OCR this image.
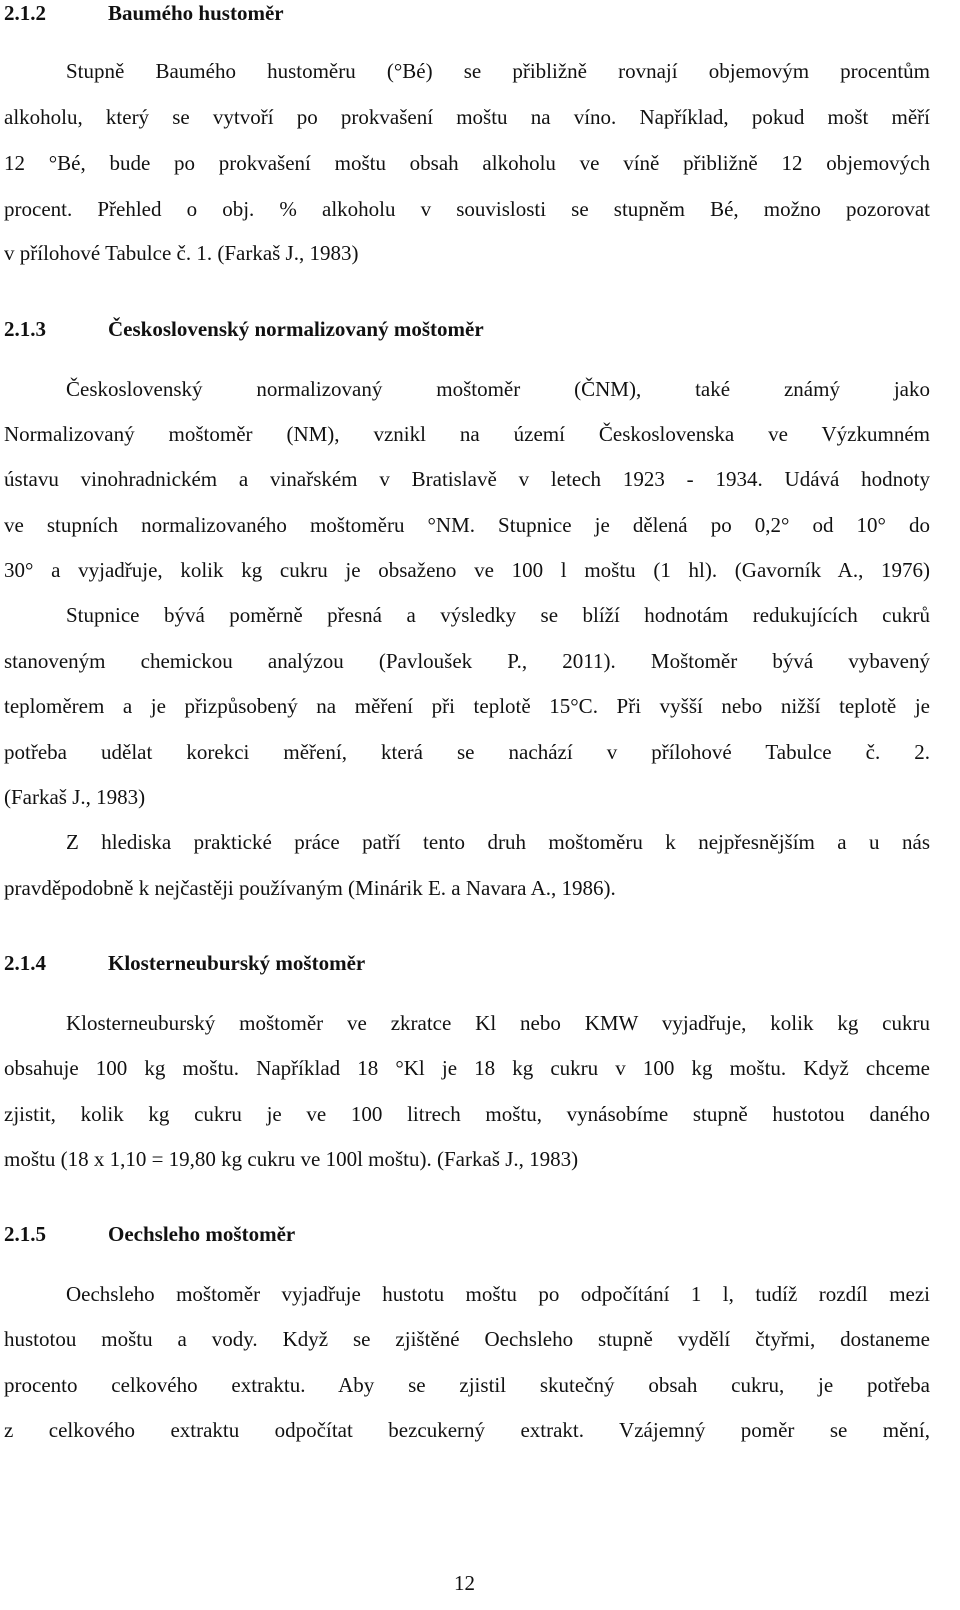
2.1.2	Baumého hustoměr
Stupně Baumého hustoměru (°Bé) se přibližně rovnají objemovým procentům
alkoholu, který se vytvoří po prokvašení moštu na víno. Například, pokud mošt měří
12 °Bé, bude po prokvašení moštu obsah alkoholu ve víně přibližně 12 objemových
procent. Přehled o obj. % alkoholu v souvislosti se stupněm Bé, možno pozorovat
v přílohové Tabulce č. 1. (Farkaš J., 1983)
2.1.3	Československý normalizovaný moštoměr
Československý normalizovaný moštoměr (ČNM), také známý jako
Normalizovaný moštoměr (NM), vznikl na území Československa ve Výzkumném
ústavu vinohradnickém a vinařském v Bratislavě v letech 1923 - 1934. Udává hodnoty
ve stupních normalizovaného moštoměru °NM. Stupnice je dělená po 0,2° od 10° do
30° a vyjadřuje, kolik kg cukru je obsaženo ve 100 l moštu (1 hl). (Gavorník A., 1976)
Stupnice bývá poměrně přesná a výsledky se blíží hodnotám redukujících cukrů
stanoveným chemickou analýzou (Pavloušek P., 2011). Moštoměr bývá vybavený
teploměrem a je přizpůsobený na měření při teplotě 15°C. Při vyšší nebo nižší teplotě je
potřeba udělat korekci měření, která se nachází v přílohové Tabulce č. 2.
(Farkaš J., 1983)
Z hlediska praktické práce patří tento druh moštoměru k nejpřesnějším a u nás
pravděpodobně k nejčastěji používaným (Minárik E. a Navara A., 1986).
2.1.4	Klosterneuburský moštoměr
Klosterneuburský moštoměr ve zkratce Kl nebo KMW vyjadřuje, kolik kg cukru
obsahuje 100 kg moštu. Například 18 °Kl je 18 kg cukru v 100 kg moštu. Když chceme
zjistit, kolik kg cukru je ve 100 litrech moštu, vynásobíme stupně hustotou daného
moštu (18 x 1,10 = 19,80 kg cukru ve 100l moštu). (Farkaš J., 1983)
2.1.5	Oechsleho moštoměr
Oechsleho moštoměr vyjadřuje hustotu moštu po odpočítání 1 l, tudíž rozdíl mezi
hustotou moštu a vody. Když se zjištěné Oechsleho stupně vydělí čtyřmi, dostaneme
procento celkového extraktu. Aby se zjistil skutečný obsah cukru, je potřeba
z celkového extraktu odpočítat bezcukerný extrakt. Vzájemný poměr se mění,
12
